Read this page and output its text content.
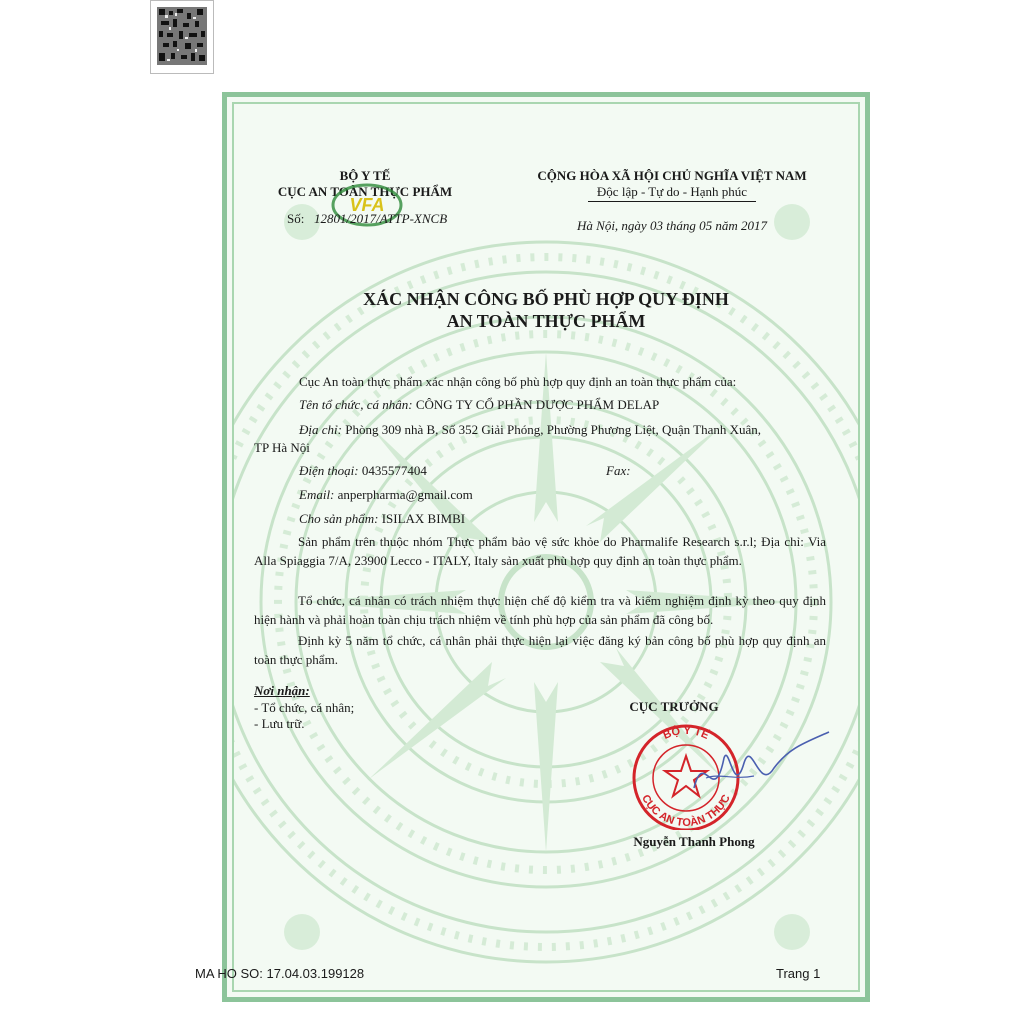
BỘ Y TẾ
CỤC AN TOÀN THỰC PHẨM
VFA
Số: 12801/2017/ATTP-XNCB
CỘNG HÒA XÃ HỘI CHỦ NGHĨA VIỆT NAM
Độc lập - Tự do - Hạnh phúc
Hà Nội, ngày 03 tháng 05 năm 2017
XÁC NHẬN CÔNG BỐ PHÙ HỢP QUY ĐỊNH
AN TOÀN THỰC PHẨM
Cục An toàn thực phẩm xác nhận công bố phù hợp quy định an toàn thực phẩm của:
Tên tổ chức, cá nhân: CÔNG TY CỔ PHẦN DƯỢC PHẨM DELAP
Địa chỉ: Phòng 309 nhà B, Số 352 Giải Phóng, Phường Phương Liệt, Quận Thanh Xuân,
TP Hà Nội
Điện thoại: 0435577404	Fax:
Email: anperpharma@gmail.com
Cho sản phẩm: ISILAX BIMBI
Sản phẩm trên thuộc nhóm Thực phẩm bảo vệ sức khỏe do Pharmalife Research s.r.l; Địa chỉ: Via Alla Spiaggia 7/A, 23900 Lecco - ITALY, Italy sản xuất phù hợp quy định an toàn thực phẩm.
Tổ chức, cá nhân có trách nhiệm thực hiện chế độ kiểm tra và kiểm nghiệm định kỳ theo quy định hiện hành và phải hoàn toàn chịu trách nhiệm về tính phù hợp của sản phẩm đã công bố.
Định kỳ 5 năm tổ chức, cá nhân phải thực hiện lại việc đăng ký bản công bố phù hợp quy định an toàn thực phẩm.
Nơi nhận:
- Tổ chức, cá nhân;
- Lưu trữ.
CỤC TRƯỞNG
BỘ Y TẾ
CỤC AN TOÀN THỰC
Nguyễn Thanh Phong
MA HO SO: 17.04.03.199128	Trang 1
